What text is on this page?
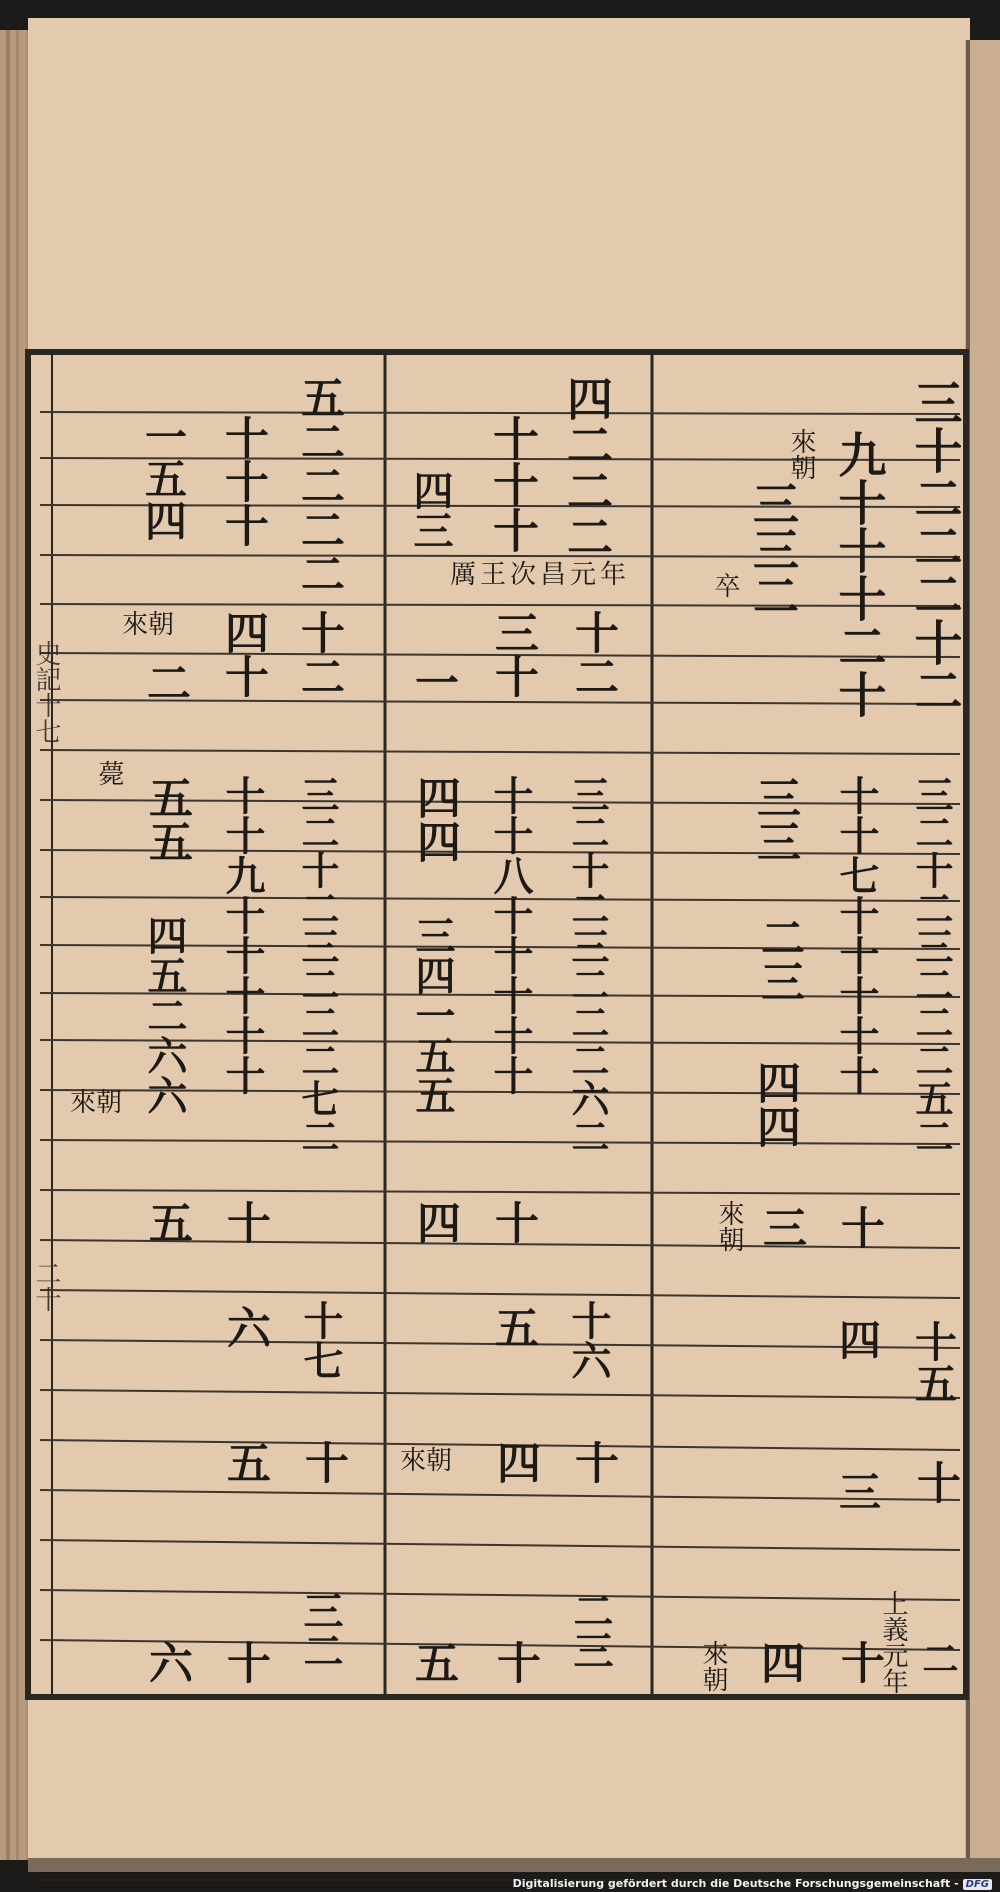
史記十七
二十
三十二二二十二
九十十十二十
來朝
三三二
卒
三二十二三二二二五二
十十七十十十十十
三三
二三
四四
十
三
來朝
十五
四
十
三
上義元年 二
十
四
來朝
四二二二
十十十
厲王次昌元年
十二
三十
四三
一
三二十二三二二二六二
十十八十十十十十
四四
三四一五五
十六
十
四
五
十
四
來朝
二三
十
五
五二二二二
十十十
十二
四十
一五四
來朝
二
三二十二三二二二七二
十十九十十十十十
五五
四五二六六
薨
來朝
十七
十
五
十
六
五
三二
十
六
Digitalisierung gefördert durch die Deutsche Forschungsgemeinschaft - DFG
